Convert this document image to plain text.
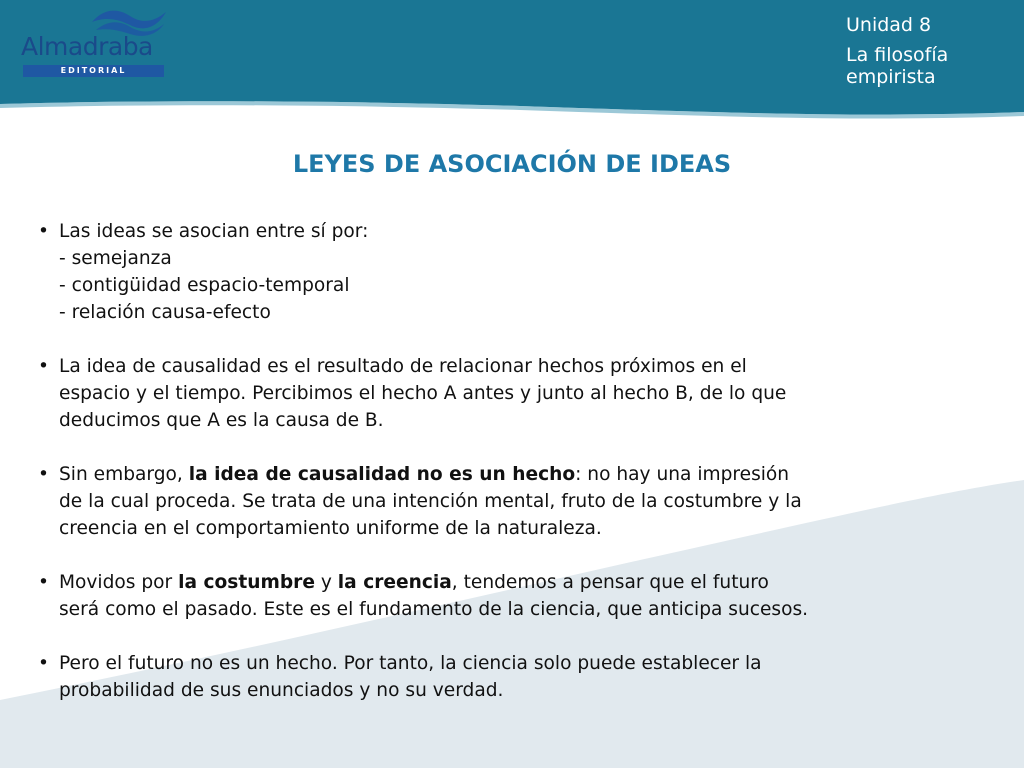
Almadraba
EDITORIAL
Unidad 8
La filosofía
empirista
LEYES DE ASOCIACIÓN DE IDEAS
• Las ideas se asocian entre sí por:
- semejanza
- contigüidad espacio-temporal
- relación causa-efecto
• La idea de causalidad es el resultado de relacionar hechos próximos en el
espacio y el tiempo. Percibimos el hecho A antes y junto al hecho B, de lo que
deducimos que A es la causa de B.
• Sin embargo, la idea de causalidad no es un hecho: no hay una impresión
de la cual proceda. Se trata de una intención mental, fruto de la costumbre y la
creencia en el comportamiento uniforme de la naturaleza.
• Movidos por la costumbre y la creencia, tendemos a pensar que el futuro
será como el pasado. Este es el fundamento de la ciencia, que anticipa sucesos.
• Pero el futuro no es un hecho. Por tanto, la ciencia solo puede establecer la
probabilidad de sus enunciados y no su verdad.
